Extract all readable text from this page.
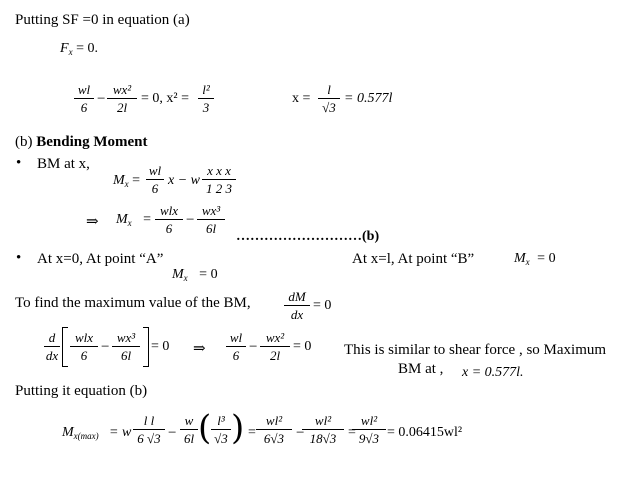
Putting SF =0 in equation (a)
$F_x = 0$.
wl
6
−
wx²
2l
= 0, x² =
l²
3
x =
l
√3
= 0.577l
(b) Bending Moment
• BM at x,
$M_x$ =
wl
6
x − w
x x x
1 2 3
⇒ $M_x$ =
wlx
6
−
wx³
6l
………………………(b)
• At x=0, At point “A”	At x=l, At point “B”	$M_x = 0$
$M_x = 0$
To find the maximum value of the BM,	dM
dx
= 0
d
dx
wlx
6
−
wx³
6l
= 0 ⇒
wl
6
−
wx²
2l
= 0 This is similar to shear force , so Maximum
BM at , x = 0.577l.
Putting it equation (b)
$M_{x(max)} = w$
l l
6 √3 −
w
6l ( l³
√3 ) =
wl²
6√3 −
wl²
18√3 =
wl²
9√3 = 0.06415wl²
